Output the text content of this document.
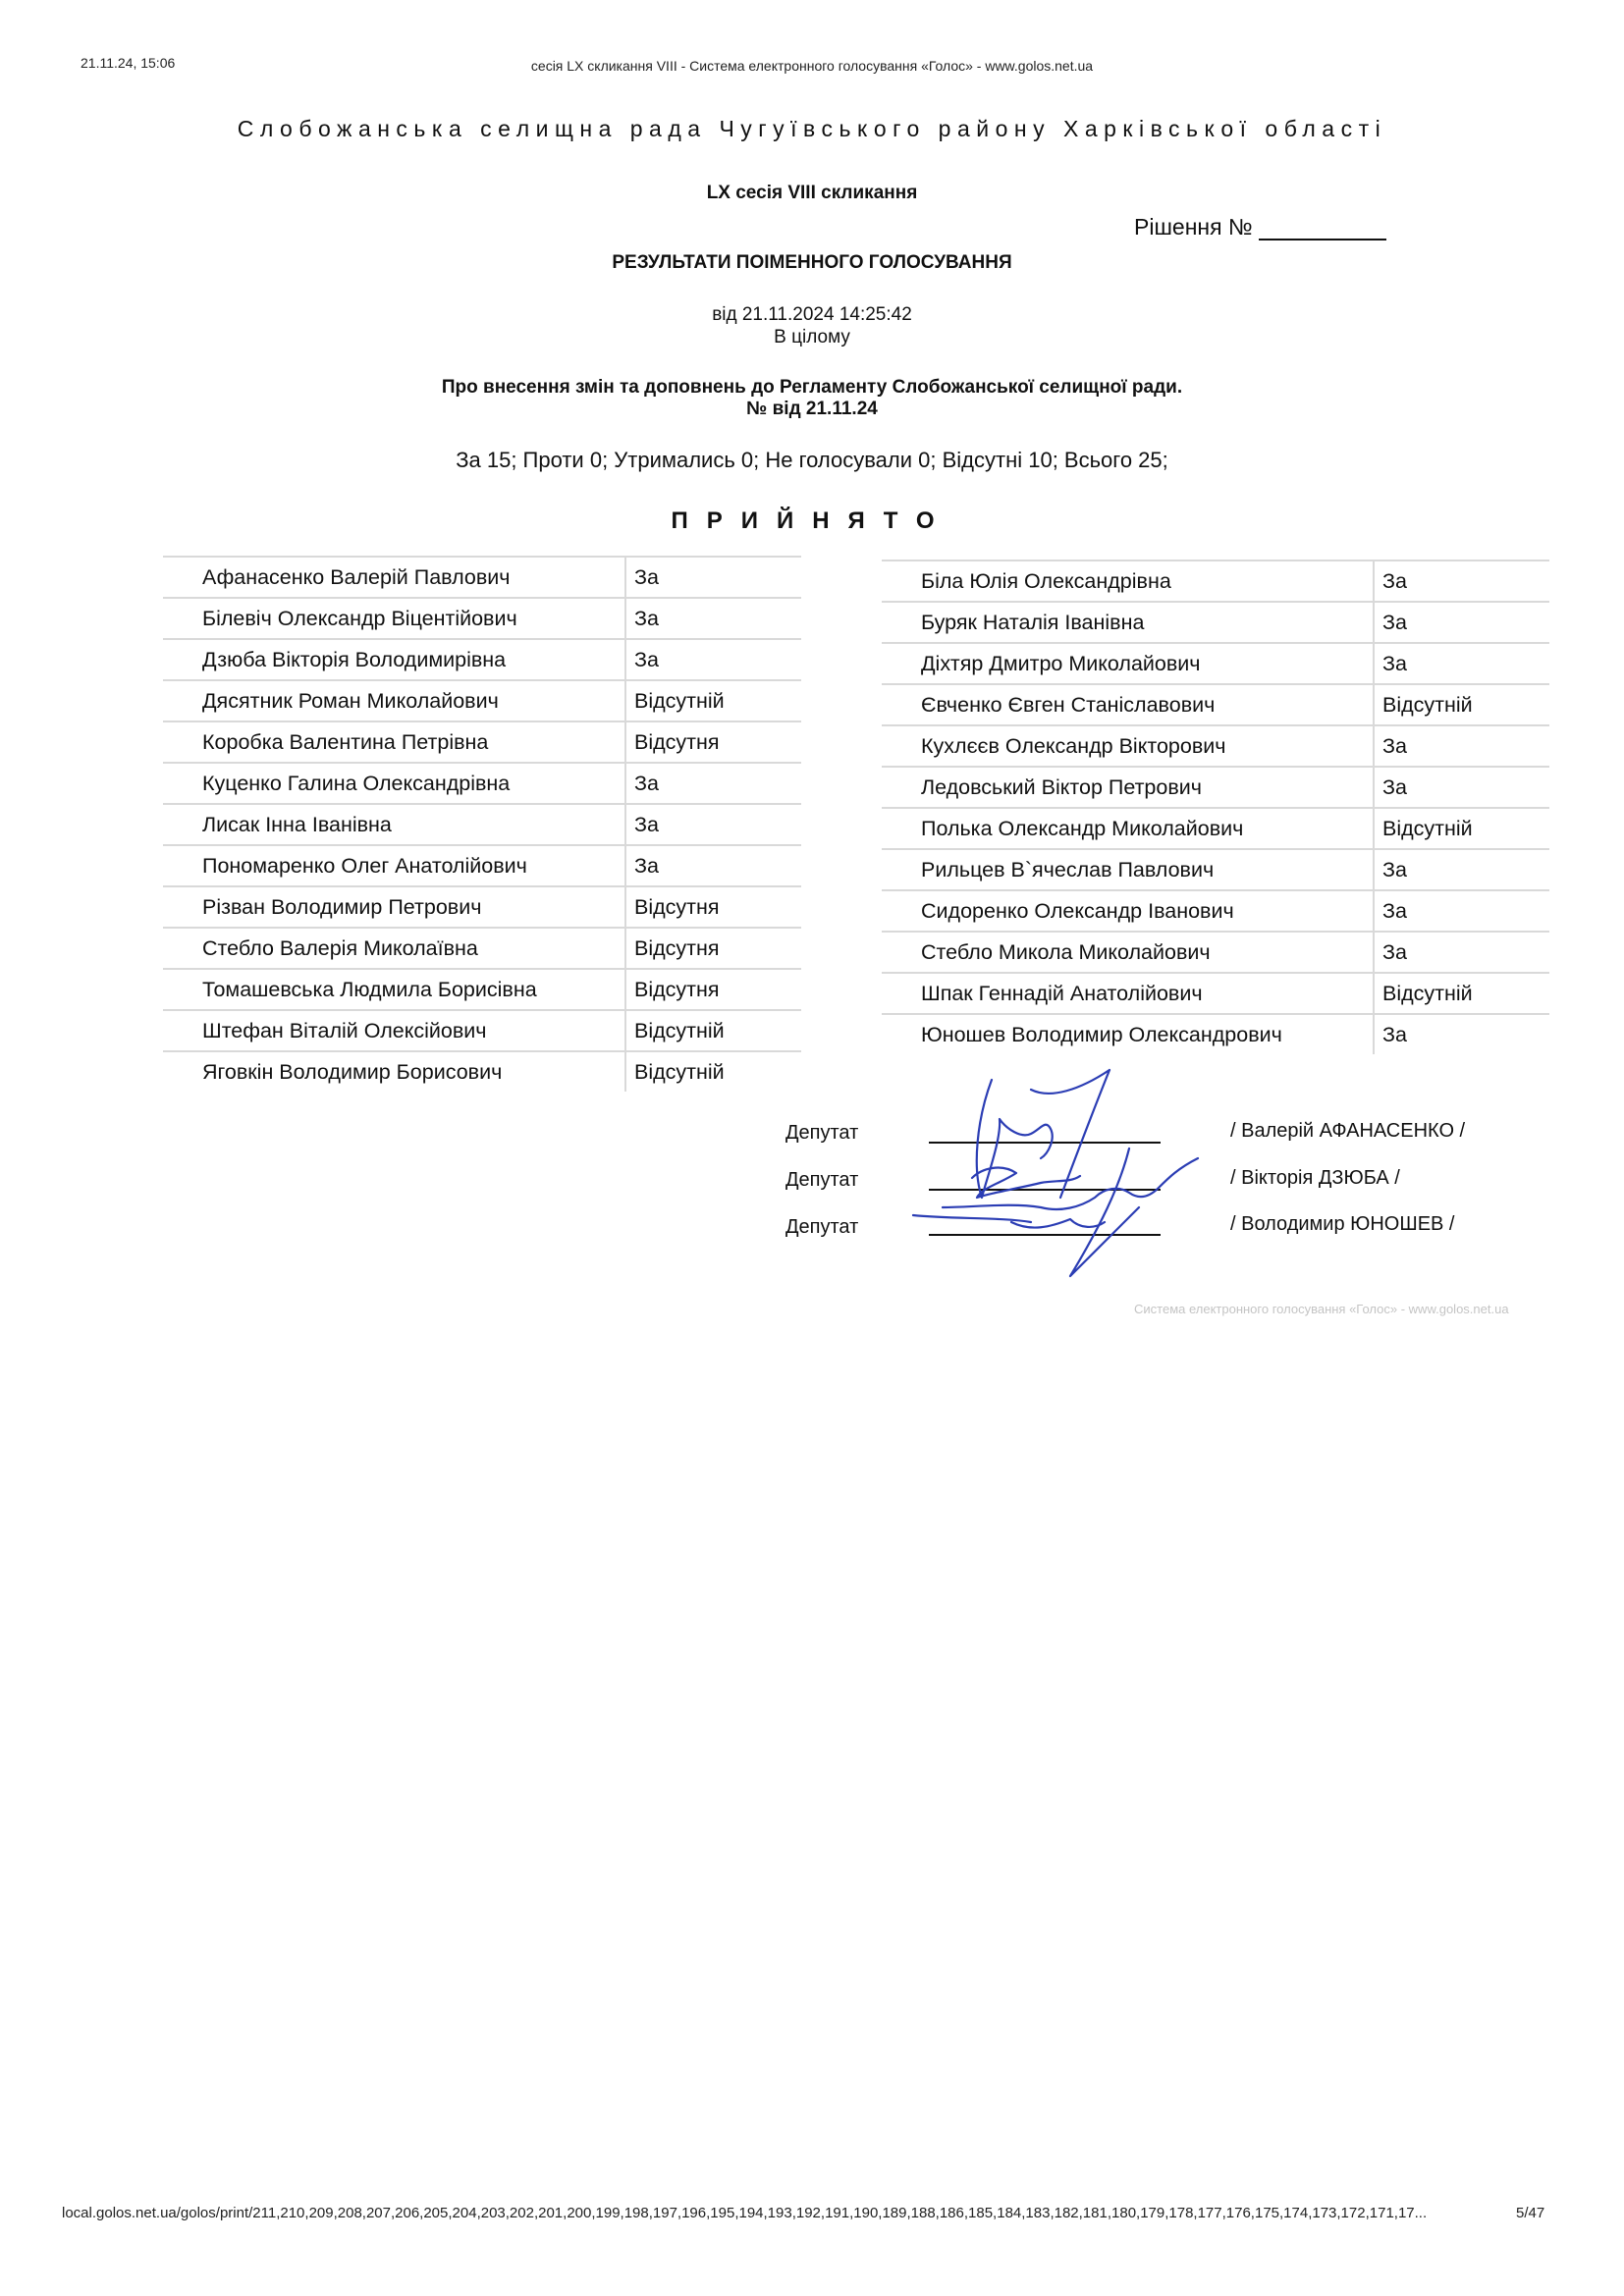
21.11.24, 15:06	сесія LX скликання VIII - Система електронного голосування «Голос» - www.golos.net.ua
Слобожанська селищна рада Чугуївського району Харківської області
LX сесія VIII скликання
Рішення №
РЕЗУЛЬТАТИ ПОІМЕННОГО ГОЛОСУВАННЯ
від 21.11.2024 14:25:42
В цілому
Про внесення змін та доповнень до Регламенту Слобожанської селищної ради.
№ від 21.11.24
За 15; Проти 0; Утримались 0; Не голосували 0; Відсутні 10; Всього 25;
ПРИЙНЯТО
Афанасенко Валерій Павлович	За
Білевіч Олександр Віцентійович	За
Дзюба Вікторія Володимирівна	За
Дясятник Роман Миколайович	Відсутній
Коробка Валентина Петрівна	Відсутня
Куценко Галина Олександрівна	За
Лисак Інна Іванівна	За
Пономаренко Олег Анатолійович	За
Різван Володимир Петрович	Відсутня
Стебло Валерія Миколаївна	Відсутня
Томашевська Людмила Борисівна	Відсутня
Штефан Віталій Олексійович	Відсутній
Яговкін Володимир Борисович	Відсутній
Біла Юлія Олександрівна	За
Буряк Наталія Іванівна	За
Діхтяр Дмитро Миколайович	За
Євченко Євген Станіславович	Відсутній
Кухлєєв Олександр Вікторович	За
Ледовський Віктор Петрович	За
Полька Олександр Миколайович	Відсутній
Рильцев В`ячеслав Павлович	За
Сидоренко Олександр Іванович	За
Стебло Микола Миколайович	За
Шпак Геннадій Анатолійович	Відсутній
Юношев Володимир Олександрович	За
Депутат	/ Валерій АФАНАСЕНКО /
Депутат	/ Вікторія ДЗЮБА /
Депутат	/ Володимир ЮНОШЕВ /
Система електронного голосування «Голос» - www.golos.net.ua
local.golos.net.ua/golos/print/211,210,209,208,207,206,205,204,203,202,201,200,199,198,197,196,195,194,193,192,191,190,189,188,186,185,184,183,182,181,180,179,178,177,176,175,174,173,172,171,17...	5/47
